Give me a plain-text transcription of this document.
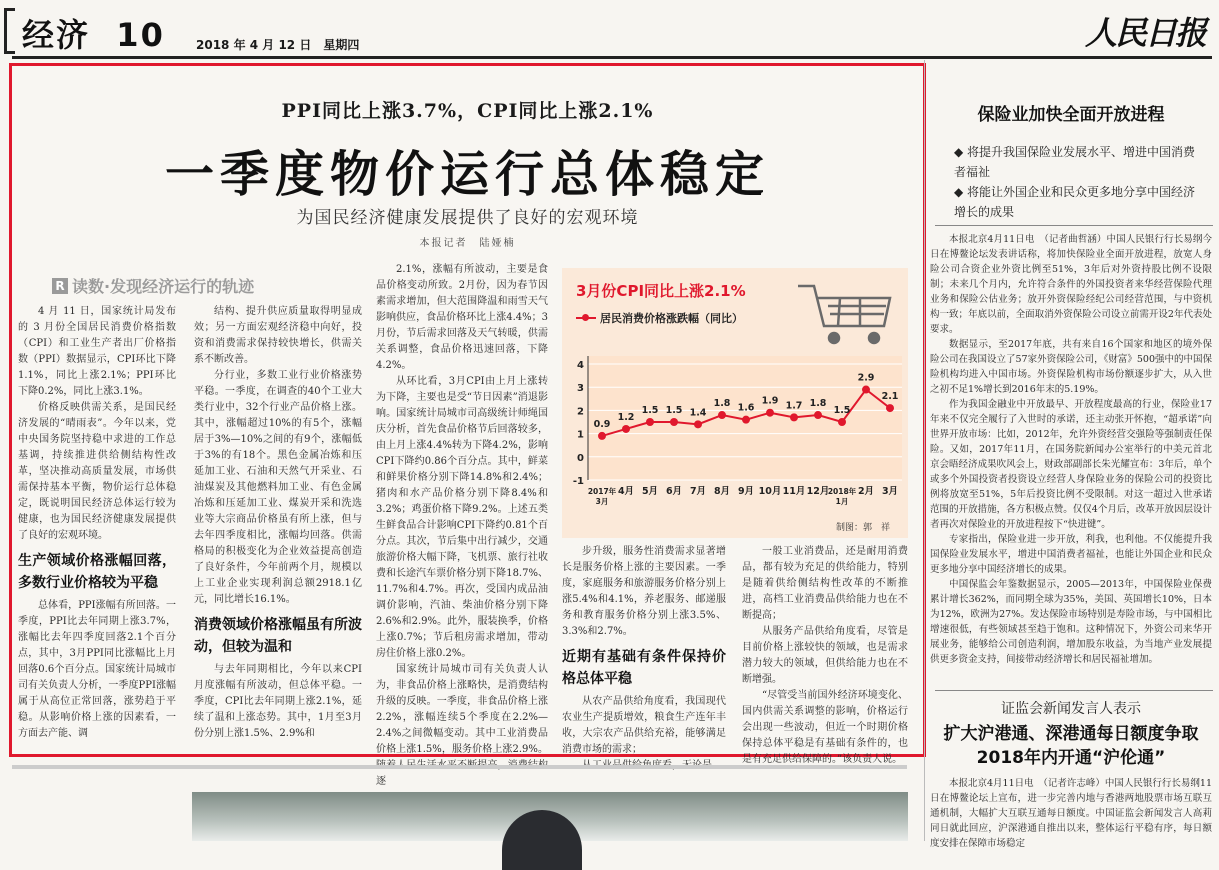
经济 10	2018 年 4 月 12 日　星期四	人民日报
PPI同比上涨3.7%，CPI同比上涨2.1%
一季度物价运行总体稳定
为国民经济健康发展提供了良好的宏观环境
本报记者　陆娅楠
R 读数·发现经济运行的轨迹

4 月 11 日，国家统计局发布的 3 月份全国居民消费价格指数（CPI）和工业生产者出厂价格指数（PPI）数据显示，CPI环比下降1.1%，同比上涨2.1%；PPI环比下降0.2%，同比上涨3.1%。

价格反映供需关系，是国民经济发展的“晴雨表”。今年以来，党中央国务院坚持稳中求进的工作总基调，持续推进供给侧结构性改革，坚决推动高质量发展，市场供需保持基本平衡，物价运行总体稳定，既说明国民经济总体运行较为健康，也为国民经济健康发展提供了良好的宏观环境。

生产领域价格涨幅回落，多数行业价格较为平稳

总体看，PPI涨幅有所回落。一季度，PPI比去年同期上涨3.7%，涨幅比去年四季度回落2.1个百分点，其中，3月PPI同比涨幅比上月回落0.6个百分点。国家统计局城市司有关负责人分析，一季度PPI涨幅属于从高位正常回落，涨势趋于平稳。从影响价格上涨的因素看，一方面去产能、调

结构、提升供应质量取得明显成效；另一方面宏观经济稳中向好，投资和消费需求保持较快增长，供需关系不断改善。

分行业，多数工业行业价格涨势平稳。一季度，在调查的40个工业大类行业中，32个行业产品价格上涨。其中，涨幅超过10%的有5个，涨幅居于3%—10%之间的有9个，涨幅低于3%的有18个。黑色金属冶炼和压延加工业、石油和天然气开采业、石油煤炭及其他燃料加工业、有色金属冶炼和压延加工业、煤炭开采和洗选业等大宗商品价格虽有所上涨，但与去年四季度相比，涨幅均回落。供需格局的积极变化为企业效益提高创造了良好条件，今年前两个月，规模以上工业企业实现利润总额2918.1亿元，同比增长16.1%。

消费领域价格涨幅虽有所波动，但较为温和

与去年同期相比，今年以来CPI月度涨幅有所波动，但总体平稳。一季度，CPI比去年同期上涨2.1%，延续了温和上涨态势。其中，1月至3月份分别上涨1.5%、2.9%和

2.1%，涨幅有所波动，主要是食品价格变动所致。2月份，因为春节因素需求增加，但大范围降温和雨雪天气影响供应，食品价格环比上涨4.4%；3月份，节后需求回落及天气转暖，供需关系调整，食品价格迅速回落，下降4.2%。

从环比看，3月CPI由上月上涨转为下降，主要也是受“节日因素”消退影响。国家统计局城市司高级统计师绳国庆分析，首先食品价格节后回落较多，由上月上涨4.4%转为下降4.2%，影响CPI下降约0.86个百分点。其中，鲜菜和鲜果价格分别下降14.8%和2.4%；猪肉和水产品价格分别下降8.4%和3.2%；鸡蛋价格下降9.2%。上述五类生鲜食品合计影响CPI下降约0.81个百分点。其次，节后集中出行减少，交通旅游价格大幅下降，飞机票、旅行社收费和长途汽车票价格分别下降18.7%、11.7%和4.7%。再次，受国内成品油调价影响，汽油、柴油价格分别下降2.6%和2.9%。此外，服装换季，价格上涨0.7%；节后租房需求增加，带动房住价格上涨0.2%。

国家统计局城市司有关负责人认为，非食品价格上涨略快，是消费结构升级的反映。一季度，非食品价格上涨2.2%，涨幅连续5个季度在2.2%—2.4%之间微幅变动。其中工业消费品价格上涨1.5%，服务价格上涨2.9%。 逐

步升级，服务性消费需求显著增长是服务价格上涨的主要因素。一季度，家庭服务和旅游服务价格分别上涨5.4%和4.1%，养老服务、邮递服务和教育服务价格分别上涨3.5%、3.3%和2.7%。

近期有基础有条件保持价格总体平稳

从农产品供给角度看，我国现代农业生产提质增效，粮食生产连年丰收，大宗农产品供给充裕，能够满足消费市场的需求；

一般工业消费品，还是耐用消费品，都有较为充足的供给能力，特别是随着供给侧结构性改革的不断推进，高档工业消费品供给能力也在不断提高；

从服务产品供给角度看，尽管是目前价格上涨较快的领域，也是需求潜力较大的领域，但供给能力也在不断增强。

“尽管受当前国外经济环境变化、国内供需关系调整的影响，价格运行会出现一些波动，但近一个时期价格保持总体平稳是有基础有条件的，也是有充足供给保障的。”该负责人说。

3月份CPI同比上涨2.1%
居民消费价格涨跌幅（同比）
-1
0
1
2
3
4
0.9
2017年
3月
1.2
4月
1.5
5月
1.5
6月
1.4
7月
1.8
8月
1.6
9月
1.9
10月
1.7
11月
1.8
12月
1.5
2018年
1月
2.9
2月
2.1
3月
制图：郭　祥
保险业加快全面开放进程
◆ 将提升我国保险业发展水平、增进中国消费者福祉
◆ 将能让外国企业和民众更多地分享中国经济增长的成果

本报北京4月11日电　（记者曲哲涵）中国人民银行行长易纲今日在博鳌论坛发表讲话称，将加快保险业全面开放进程，放宽人身险公司合资企业外资比例至51%，3年后对外资持股比例不设限制；未来几个月内，允许符合条件的外国投资者来华经营保险代理业务和保险公估业务；放开外资保险经纪公司经营范围，与中资机构一致；年底以前，全面取消外资保险公司设立前需开设2年代表处要求。

数据显示，至2017年底，共有来自16个国家和地区的境外保险公司在我国设立了57家外资保险公司，《财富》500强中的中国保险机构均进入中国市场。外资保险机构市场份额逐步扩大，从入世之初不足1%增长到2016年末的5.19%。

作为我国金融业中开放最早、开放程度最高的行业，保险业17年来不仅完全履行了入世时的承诺，还主动张开怀抱，“超承诺”向世界开放市场：比如，2012年，允许外资经营交强险等强制责任保险。又如，2017年11月，在国务院新闻办公室举行的中美元首北京会晤经济成果吹风会上，财政部副部长朱光耀宣布：3年后，单个或多个外国投资者投资设立经营人身保险业务的保险公司的投资比例将放宽至51%，5年后投资比例不受限制。对这一超过入世承诺范围的开放措施，各方积极点赞。仅仅4个月后，改革开放因层设计者再次对保险业的开放进程按下“快进键”。

专家指出，保险业进一步开放，利我，也利他。不仅能提升我国保险业发展水平，增进中国消费者福祉，也能让外国企业和民众更多地分享中国经济增长的成果。

中国保监会年鉴数据显示，2005—2013年，中国保险业保费累计增长362%，而同期全球为35%，美国、英国增长10%，日本为12%，欧洲为27%。发达保险市场特别是寿险市场，与中国相比增速很低，有些领域甚至趋于饱和。这种情况下，外资公司来华开展业务，能够给公司创造利润，增加股东收益，为当地产业发展提供更多资金支持，间接带动经济增长和居民福祉增加。

证监会新闻发言人表示
扩大沪港通、深港通每日额度争取2018年内开通“沪伦通”

本报北京4月11日电　（记者许志峰）中国人民银行行长易纲11日在博鳌论坛上宣布，进一步完善内地与香港两地股票市场互联互通机制，大幅扩大互联互通每日额度。中国证监会新闻发言人高莉同日就此回应，沪深港通自推出以来，整体运行平稳有序，每日额度安排在保障市场稳定
